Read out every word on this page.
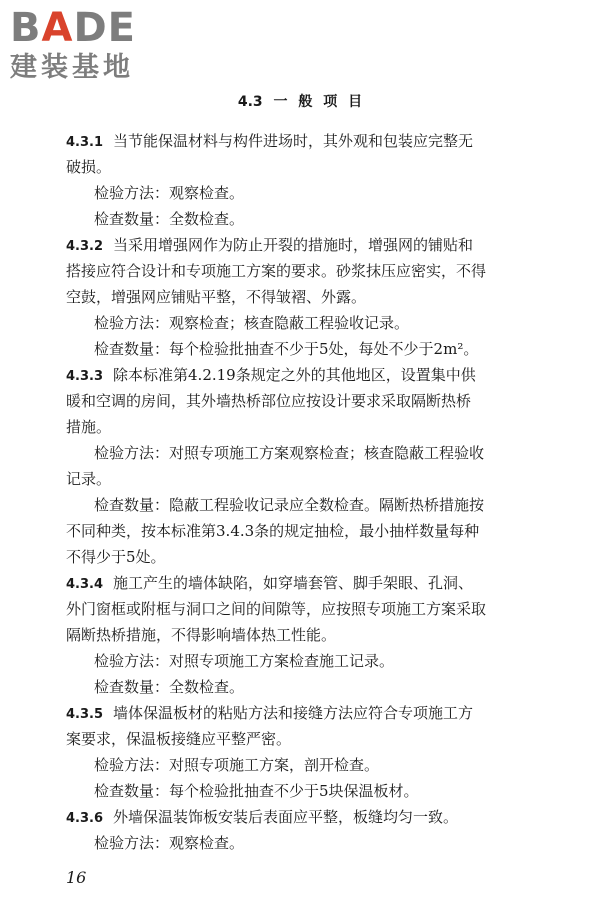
BADE
建装基地
4.3 一 般 项 目
4.3.1 当节能保温材料与构件进场时，其外观和包装应完整无
破损。
检验方法：观察检查。
检查数量：全数检查。
4.3.2 当采用增强网作为防止开裂的措施时，增强网的铺贴和
搭接应符合设计和专项施工方案的要求。砂浆抹压应密实，不得
空鼓，增强网应铺贴平整，不得皱褶、外露。
检验方法：观察检查；核查隐蔽工程验收记录。
检查数量：每个检验批抽查不少于5处，每处不少于2m²。
4.3.3 除本标准第4.2.19条规定之外的其他地区，设置集中供
暖和空调的房间，其外墙热桥部位应按设计要求采取隔断热桥
措施。
检验方法：对照专项施工方案观察检查；核查隐蔽工程验收
记录。
检查数量：隐蔽工程验收记录应全数检查。隔断热桥措施按
不同种类，按本标准第3.4.3条的规定抽检，最小抽样数量每种
不得少于5处。
4.3.4 施工产生的墙体缺陷，如穿墙套管、脚手架眼、孔洞、
外门窗框或附框与洞口之间的间隙等，应按照专项施工方案采取
隔断热桥措施，不得影响墙体热工性能。
检验方法：对照专项施工方案检查施工记录。
检查数量：全数检查。
4.3.5 墙体保温板材的粘贴方法和接缝方法应符合专项施工方
案要求，保温板接缝应平整严密。
检验方法：对照专项施工方案，剖开检查。
检查数量：每个检验批抽查不少于5块保温板材。
4.3.6 外墙保温装饰板安装后表面应平整，板缝均匀一致。
检验方法：观察检查。
16
